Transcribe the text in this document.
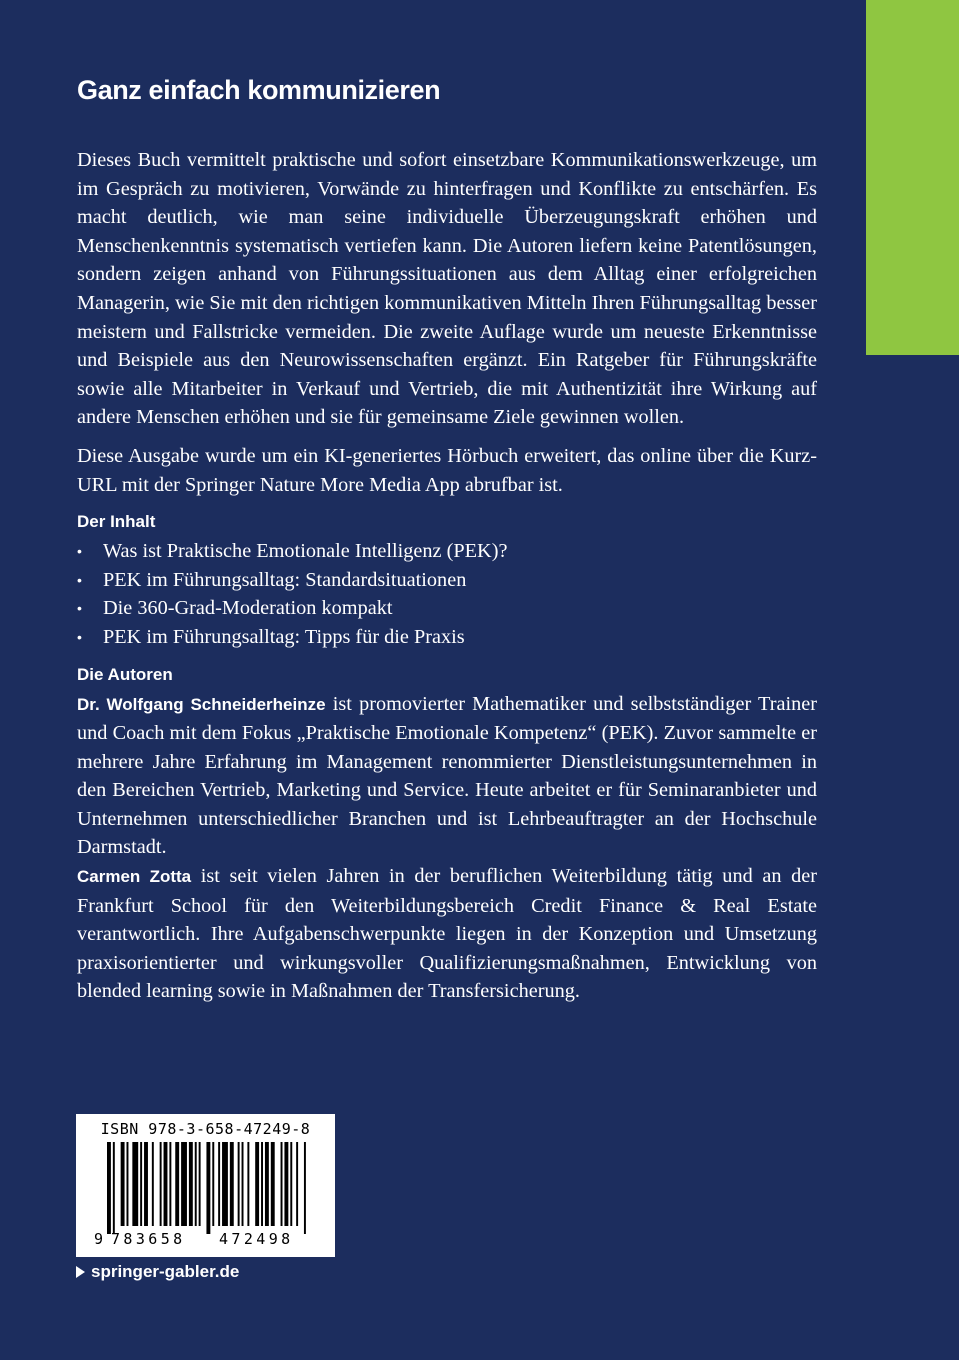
Ganz einfach kommunizieren

Dieses Buch vermittelt praktische und sofort einsetzbare Kommunikationswerkzeuge, um im Gespräch zu motivieren, Vorwände zu hinterfragen und Konflikte zu entschärfen. Es macht deutlich, wie man seine individuelle Überzeugungskraft erhöhen und Menschenkenntnis systematisch vertiefen kann. Die Autoren liefern keine Patentlösungen, sondern zeigen anhand von Führungssituationen aus dem Alltag einer erfolgreichen Managerin, wie Sie mit den richtigen kommunikativen Mitteln Ihren Führungsalltag besser meistern und Fallstricke vermeiden. Die zweite Auflage wurde um neueste Erkenntnisse und Beispiele aus den Neurowissenschaften ergänzt. Ein Ratgeber für Führungskräfte sowie alle Mitarbeiter in Verkauf und Vertrieb, die mit Authentizität ihre Wirkung auf andere Menschen erhöhen und sie für gemeinsame Ziele gewinnen wollen.

Diese Ausgabe wurde um ein KI-generiertes Hörbuch erweitert, das online über die Kurz-URL mit der Springer Nature More Media App abrufbar ist.

Der Inhalt
• Was ist Praktische Emotionale Intelligenz (PEK)?
• PEK im Führungsalltag: Standardsituationen
• Die 360-Grad-Moderation kompakt
• PEK im Führungsalltag: Tipps für die Praxis
Die Autoren

Dr. Wolfgang Schneiderheinze ist promovierter Mathematiker und selbstständiger Trainer und Coach mit dem Fokus „Praktische Emotionale Kompetenz“ (PEK). Zuvor sammelte er mehrere Jahre Erfahrung im Management renommierter Dienstleistungsunternehmen in den Bereichen Vertrieb, Marketing und Service. Heute arbeitet er für Seminaranbieter und Unternehmen unterschiedlicher Branchen und ist Lehrbeauftragter an der Hochschule Darmstadt.

Carmen Zotta ist seit vielen Jahren in der beruflichen Weiterbildung tätig und an der Frankfurt School für den Weiterbildungsbereich Credit Finance & Real Estate verantwortlich. Ihre Aufgabenschwerpunkte liegen in der Konzeption und Umsetzung praxisorientierter und wirkungsvoller Qualifizierungsmaßnahmen, Entwicklung von blended learning sowie in Maßnahmen der Transfersicherung.

ISBN 978-3-658-47249-8
9 783658 472498
springer-gabler.de
